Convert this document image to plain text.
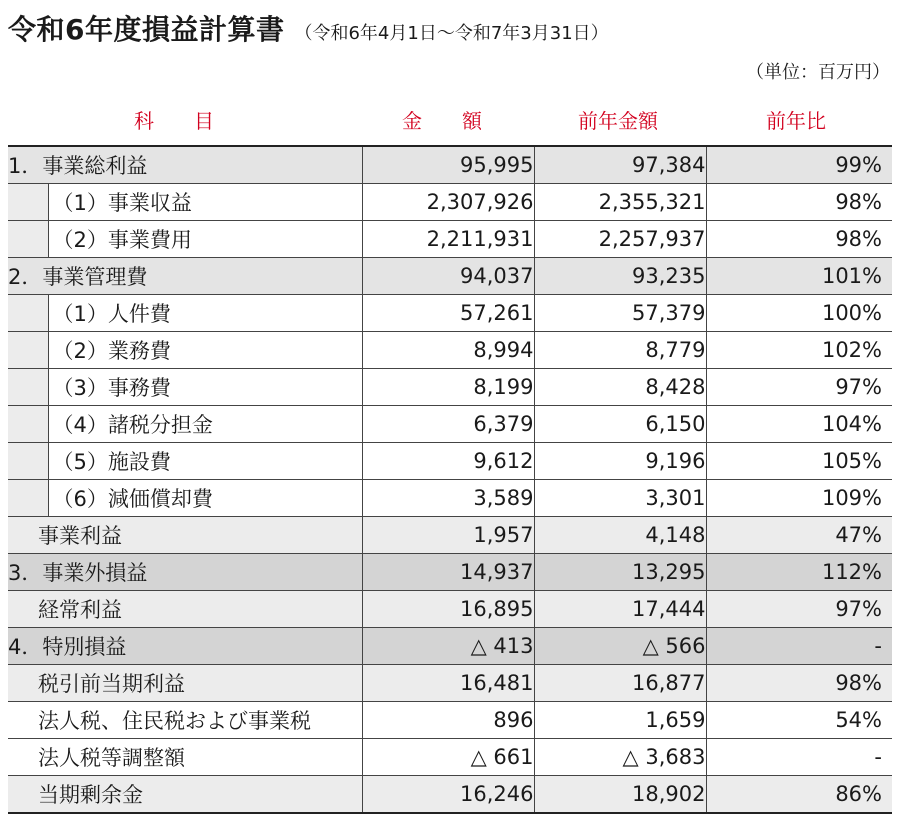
令和6年度損益計算書 （令和6年4月1日～令和7年3月31日）
（単位：百万円）
科　　目	金　　額	前年金額	前年比
1．事業総利益		95,995	97,384	99%
	（1）事業収益	2,307,926	2,355,321	98%
	（2）事業費用	2,211,931	2,257,937	98%
2．事業管理費		94,037	93,235	101%
	（1）人件費	57,261	57,379	100%
	（2）業務費	8,994	8,779	102%
	（3）事務費	8,199	8,428	97%
	（4）諸税分担金	6,379	6,150	104%
	（5）施設費	9,612	9,196	105%
	（6）減価償却費	3,589	3,301	109%
事業利益		1,957	4,148	47%
3．事業外損益		14,937	13,295	112%
経常利益		16,895	17,444	97%
4．特別損益		△ 413	△ 566	-
税引前当期利益		16,481	16,877	98%
法人税、住民税および事業税		896	1,659	54%
法人税等調整額		△ 661	△ 3,683	-
当期剰余金		16,246	18,902	86%
